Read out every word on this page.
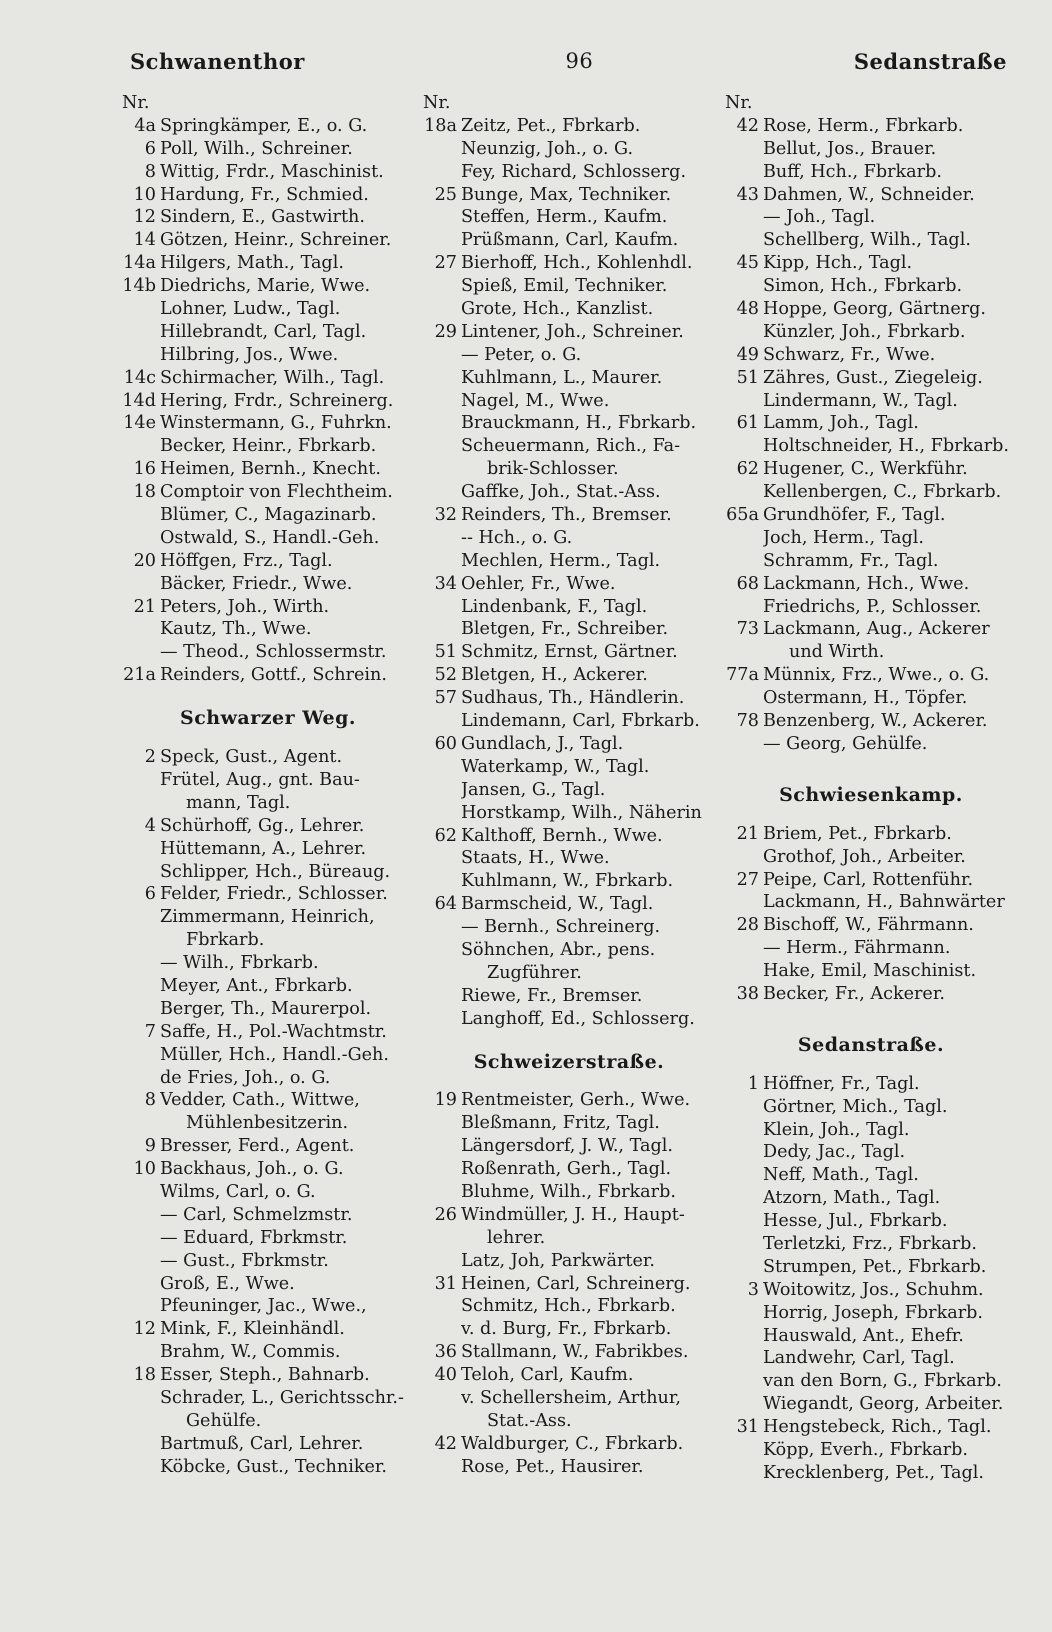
Schwanenthor	96	Sedanstraße
Nr.
4a Springkämper, E., o. G.
6 Poll, Wilh., Schreiner.
8 Wittig, Frdr., Maschinist.
10 Hardung, Fr., Schmied.
12 Sindern, E., Gastwirth.
14 Götzen, Heinr., Schreiner.
14a Hilgers, Math., Tagl.
14b Diedrichs, Marie, Wwe.
Lohner, Ludw., Tagl.
Hillebrandt, Carl, Tagl.
Hilbring, Jos., Wwe.
14c Schirmacher, Wilh., Tagl.
14d Hering, Frdr., Schreinerg.
14e Winstermann, G., Fuhrkn.
Becker, Heinr., Fbrkarb.
16 Heimen, Bernh., Knecht.
18 Comptoir von Flechtheim.
Blümer, C., Magazinarb.
Ostwald, S., Handl.-Geh.
20 Höffgen, Frz., Tagl.
Bäcker, Friedr., Wwe.
21 Peters, Joh., Wirth.
Kautz, Th., Wwe.
— Theod., Schlossermstr.
21a Reinders, Gottf., Schrein.
Schwarzer Weg.
2 Speck, Gust., Agent.
Frütel, Aug., gnt. Bau-
mann, Tagl.
4 Schürhoff, Gg., Lehrer.
Hüttemann, A., Lehrer.
Schlipper, Hch., Büreaug.
6 Felder, Friedr., Schlosser.
Zimmermann, Heinrich,
Fbrkarb.
— Wilh., Fbrkarb.
Meyer, Ant., Fbrkarb.
Berger, Th., Maurerpol.
7 Saffe, H., Pol.-Wachtmstr.
Müller, Hch., Handl.-Geh.
de Fries, Joh., o. G.
8 Vedder, Cath., Wittwe,
Mühlenbesitzerin.
9 Bresser, Ferd., Agent.
10 Backhaus, Joh., o. G.
Wilms, Carl, o. G.
— Carl, Schmelzmstr.
— Eduard, Fbrkmstr.
— Gust., Fbrkmstr.
Groß, E., Wwe.
Pfeuninger, Jac., Wwe.,
12 Mink, F., Kleinhändl.
Brahm, W., Commis.
18 Esser, Steph., Bahnarb.
Schrader, L., Gerichtsschr.-
Gehülfe.
Bartmuß, Carl, Lehrer.
Köbcke, Gust., Techniker.
Nr.
18a Zeitz, Pet., Fbrkarb.
Neunzig, Joh., o. G.
Fey, Richard, Schlosserg.
25 Bunge, Max, Techniker.
Steffen, Herm., Kaufm.
Prüßmann, Carl, Kaufm.
27 Bierhoff, Hch., Kohlenhdl.
Spieß, Emil, Techniker.
Grote, Hch., Kanzlist.
29 Lintener, Joh., Schreiner.
— Peter, o. G.
Kuhlmann, L., Maurer.
Nagel, M., Wwe.
Brauckmann, H., Fbrkarb.
Scheuermann, Rich., Fa-
brik-Schlosser.
Gaffke, Joh., Stat.-Ass.
32 Reinders, Th., Bremser.
-- Hch., o. G.
Mechlen, Herm., Tagl.
34 Oehler, Fr., Wwe.
Lindenbank, F., Tagl.
Bletgen, Fr., Schreiber.
51 Schmitz, Ernst, Gärtner.
52 Bletgen, H., Ackerer.
57 Sudhaus, Th., Händlerin.
Lindemann, Carl, Fbrkarb.
60 Gundlach, J., Tagl.
Waterkamp, W., Tagl.
Jansen, G., Tagl.
Horstkamp, Wilh., Näherin
62 Kalthoff, Bernh., Wwe.
Staats, H., Wwe.
Kuhlmann, W., Fbrkarb.
64 Barmscheid, W., Tagl.
— Bernh., Schreinerg.
Söhnchen, Abr., pens.
Zugführer.
Riewe, Fr., Bremser.
Langhoff, Ed., Schlosserg.
Schweizerstraße.
19 Rentmeister, Gerh., Wwe.
Bleßmann, Fritz, Tagl.
Längersdorf, J. W., Tagl.
Roßenrath, Gerh., Tagl.
Bluhme, Wilh., Fbrkarb.
26 Windmüller, J. H., Haupt-
lehrer.
Latz, Joh, Parkwärter.
31 Heinen, Carl, Schreinerg.
Schmitz, Hch., Fbrkarb.
v. d. Burg, Fr., Fbrkarb.
36 Stallmann, W., Fabrikbes.
40 Teloh, Carl, Kaufm.
v. Schellersheim, Arthur,
Stat.-Ass.
42 Waldburger, C., Fbrkarb.
Rose, Pet., Hausirer.
Nr.
42 Rose, Herm., Fbrkarb.
Bellut, Jos., Brauer.
Buff, Hch., Fbrkarb.
43 Dahmen, W., Schneider.
— Joh., Tagl.
Schellberg, Wilh., Tagl.
45 Kipp, Hch., Tagl.
Simon, Hch., Fbrkarb.
48 Hoppe, Georg, Gärtnerg.
Künzler, Joh., Fbrkarb.
49 Schwarz, Fr., Wwe.
51 Zähres, Gust., Ziegeleig.
Lindermann, W., Tagl.
61 Lamm, Joh., Tagl.
Holtschneider, H., Fbrkarb.
62 Hugener, C., Werkführ.
Kellenbergen, C., Fbrkarb.
65a Grundhöfer, F., Tagl.
Joch, Herm., Tagl.
Schramm, Fr., Tagl.
68 Lackmann, Hch., Wwe.
Friedrichs, P., Schlosser.
73 Lackmann, Aug., Ackerer
und Wirth.
77a Münnix, Frz., Wwe., o. G.
Ostermann, H., Töpfer.
78 Benzenberg, W., Ackerer.
— Georg, Gehülfe.
Schwiesenkamp.
21 Briem, Pet., Fbrkarb.
Grothof, Joh., Arbeiter.
27 Peipe, Carl, Rottenführ.
Lackmann, H., Bahnwärter
28 Bischoff, W., Fährmann.
— Herm., Fährmann.
Hake, Emil, Maschinist.
38 Becker, Fr., Ackerer.
Sedanstraße.
1 Höffner, Fr., Tagl.
Görtner, Mich., Tagl.
Klein, Joh., Tagl.
Dedy, Jac., Tagl.
Neff, Math., Tagl.
Atzorn, Math., Tagl.
Hesse, Jul., Fbrkarb.
Terletzki, Frz., Fbrkarb.
Strumpen, Pet., Fbrkarb.
3 Woitowitz, Jos., Schuhm.
Horrig, Joseph, Fbrkarb.
Hauswald, Ant., Ehefr.
Landwehr, Carl, Tagl.
van den Born, G., Fbrkarb.
Wiegandt, Georg, Arbeiter.
31 Hengstebeck, Rich., Tagl.
Köpp, Everh., Fbrkarb.
Krecklenberg, Pet., Tagl.
